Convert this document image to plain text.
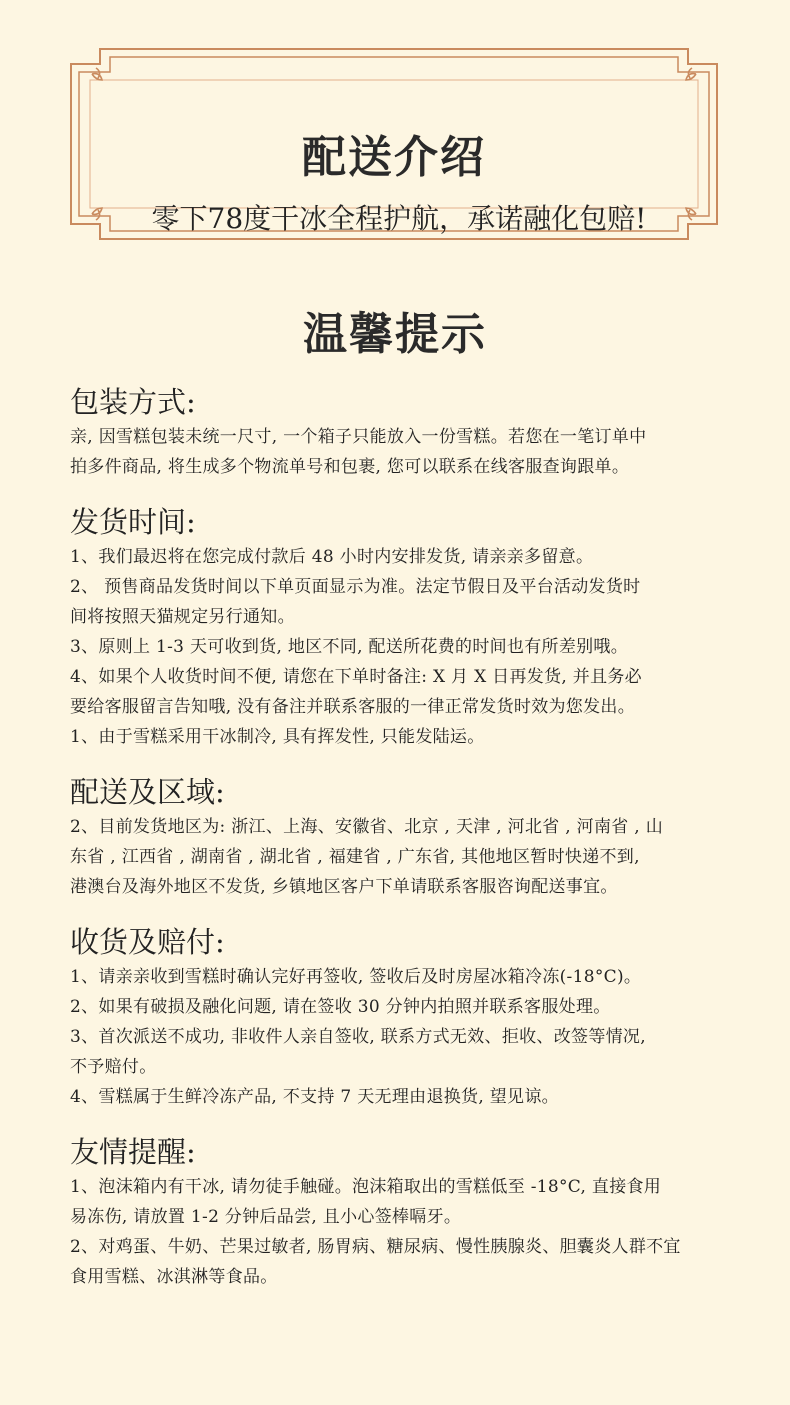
配送介绍
零下78度干冰全程护航，承诺融化包赔!
温馨提示
包装方式:
亲, 因雪糕包装未统一尺寸, 一个箱子只能放入一份雪糕。若您在一笔订单中
拍多件商品, 将生成多个物流单号和包裹, 您可以联系在线客服查询跟单。
发货时间:
1、我们最迟将在您完成付款后 48 小时内安排发货, 请亲亲多留意。
2、 预售商品发货时间以下单页面显示为准。法定节假日及平台活动发货时
间将按照天猫规定另行通知。
3、原则上 1-3 天可收到货, 地区不同, 配送所花费的时间也有所差别哦。
4、如果个人收货时间不便, 请您在下单时备注: X 月 X 日再发货, 并且务必
要给客服留言告知哦, 没有备注并联系客服的一律正常发货时效为您发出。
1、由于雪糕采用干冰制冷, 具有挥发性, 只能发陆运。
配送及区域:
2、目前发货地区为: 浙江、上海、安徽省、北京 , 天津 , 河北省 , 河南省 , 山
东省 , 江西省 , 湖南省 , 湖北省 , 福建省 , 广东省, 其他地区暂时快递不到,
港澳台及海外地区不发货, 乡镇地区客户下单请联系客服咨询配送事宜。
收货及赔付:
1、请亲亲收到雪糕时确认完好再签收, 签收后及时房屋冰箱冷冻(-18°C)。
2、如果有破损及融化问题, 请在签收 30 分钟内拍照并联系客服处理。
3、首次派送不成功, 非收件人亲自签收, 联系方式无效、拒收、改签等情况,
不予赔付。
4、雪糕属于生鲜冷冻产品, 不支持 7 天无理由退换货, 望见谅。
友情提醒:
1、泡沫箱内有干冰, 请勿徒手触碰。泡沫箱取出的雪糕低至 -18°C, 直接食用
易冻伤, 请放置 1-2 分钟后品尝, 且小心签棒嗝牙。
2、对鸡蛋、牛奶、芒果过敏者, 肠胃病、糖尿病、慢性胰腺炎、胆囊炎人群不宜
食用雪糕、冰淇淋等食品。
